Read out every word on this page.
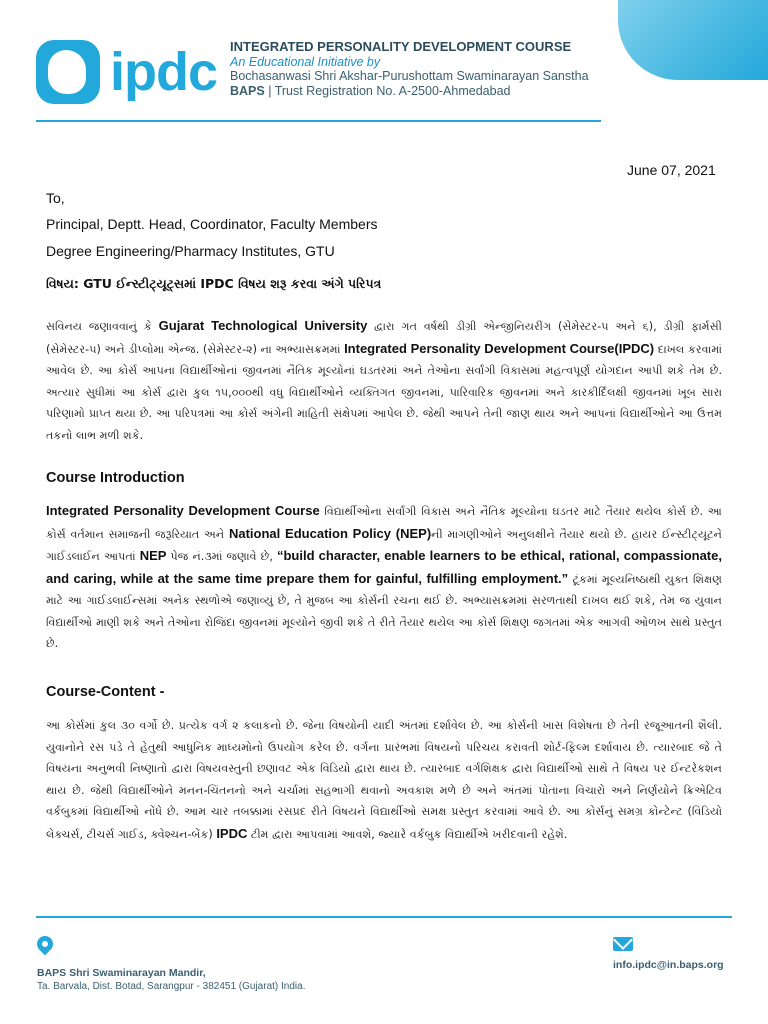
ipdc INTEGRATED PERSONALITY DEVELOPMENT COURSE
An Educational Initiative by
Bochasanwasi Shri Akshar-Purushottam Swaminarayan Sanstha
BAPS | Trust Registration No. A-2500-Ahmedabad
June 07, 2021
To,
Principal, Deptt. Head, Coordinator, Faculty Members
Degree Engineering/Pharmacy Institutes, GTU
વિષય: GTU ઈન્સ્ટીટ્યૂટ્સમાં IPDC વિષય શરૂ કરવા અંગે પરિપત્ર
સવિનય જણાવવાનું કે Gujarat Technological University દ્વારા ગત વર્ષથી ડીગ્રી એન્જીનિયરીંગ (સેમેસ્ટર-૫ અને ૬), ડીગ્રી ફાર્મસી (સેમેસ્ટર-૫) અને ડીપ્લોમા એન્જ. (સેમેસ્ટર-૨) ના અભ્યાસક્રમમાં Integrated Personality Development Course(IPDC) દાખલ કરવામાં આવેલ છે. આ કોર્સ આપના વિદ્યાર્થીઓનાં જીવનમાં નૈતિક મૂલ્યોનાં ઘડતરમાં અને તેઓના સર્વાંગી વિકાસમાં મહત્વપૂર્ણ યોગદાન આપી શકે તેમ છે. અત્યાર સુધીમાં આ કોર્સ દ્વારા કુલ ૧૫,૦૦૦થી વધુ વિદ્યાર્થીઓને વ્યક્તિગત જીવનમાં, પારિવારિક જીવનમાં અને કારકીર્દિલક્ષી જીવનમાં ખૂબ સારા પરિણામો પ્રાપ્ત થયા છે. આ પરિપત્રમાં આ કોર્સ અંગેની માહિતી સંક્ષેપમાં આપેલ છે. જેથી આપને તેની જાણ થાય અને આપનાં વિદ્યાર્થીઓને આ ઉત્તમ તકનો લાભ મળી શકે.
Course Introduction
Integrated Personality Development Course વિદ્યાર્થીઓના સર્વાંગી વિકાસ અને નૈતિક મૂલ્યોના ઘડતર માટે તૈયાર થયેલ કોર્સ છે. આ કોર્સ વર્તમાન સમાજની જરૂરિયાત અને National Education Policy (NEP)ની માંગણીઓને અનુલક્ષીને તૈયાર થયો છે. હાયર ઈન્સ્ટીટ્યૂટને ગાઈડલાઈન આપતાં NEP પેજ નં.૩માં જણાવે છે, “build character, enable learners to be ethical, rational, compassionate, and caring, while at the same time prepare them for gainful, fulfilling employment.” ટૂંકમાં મૂલ્યનિષ્ઠાથી યુક્ત શિક્ષણ માટે આ ગાઈડલાઈન્સમાં અનેક સ્થળોએ જણાવ્યું છે, તે મુજબ આ કોર્સની રચના થઈ છે. અભ્યાસક્રમમાં સરળતાથી દાખલ થઈ શકે, તેમ જ યુવાન વિદ્યાર્થીઓ માણી શકે અને તેઓના રોજિંદા જીવનમાં મૂલ્યોને જીવી શકે તે રીતે તૈયાર થયેલ આ કોર્સ શિક્ષણ જગતમાં એક આગવી ઓળખ સાથે પ્રસ્તુત છે.
Course-Content -
આ કોર્સમાં કુલ ૩૦ વર્ગો છે. પ્રત્યેક વર્ગ ૨ કલાકનો છે. જેના વિષયોની યાદી અંતમાં દર્શાવેલ છે. આ કોર્સની ખાસ વિશેષતા છે તેની રજૂઆતની શૈલી. યુવાનોને રસ પડે તે હેતુથી આધુનિક માધ્યમોનો ઉપયોગ કરેલ છે. વર્ગના પ્રારંભમાં વિષયનો પરિચય કરાવતી શોર્ટ-ફિલ્મ દર્શાવાય છે. ત્યારબાદ જે તે વિષયના અનુભવી નિષ્ણાતો દ્વારા વિષયવસ્તુની છણાવટ એક વિડિયો દ્વારા થાય છે. ત્યારબાદ વર્ગશિક્ષક દ્વારા વિદ્યાર્થીઓ સાથે તે વિષય પર ઈન્ટરેકશન થાય છે. જેથી વિદ્યાર્થીઓને મનન-ચિંતનનો અને ચર્ચામાં સહભાગી થવાનો અવકાશ મળે છે અને અંતમાં પોતાના વિચારો અને નિર્ણયોને ક્રિએટિવ વર્કબુકમાં વિદ્યાર્થીઓ નોંધે છે. આમ ચાર તબક્કામાં રસપ્રદ રીતે વિષયને વિદ્યાર્થીઓ સમક્ષ પ્રસ્તુત કરવામાં આવે છે. આ કોર્સનું સમગ્ર કોન્ટેન્ટ (વિડિયો લેક્ચર્સ, ટીચર્સ ગાઈડ, ક્વેશ્ચન-બેંક) IPDC ટીમ દ્વારા આપવામાં આવશે, જ્યારે વર્કબુક વિદ્યાર્થીએ ખરીદવાની રહેશે.
BAPS Shri Swaminarayan Mandir,
Ta. Barvala, Dist. Botad, Sarangpur - 382451 (Gujarat) India.
info.ipdc@in.baps.org
